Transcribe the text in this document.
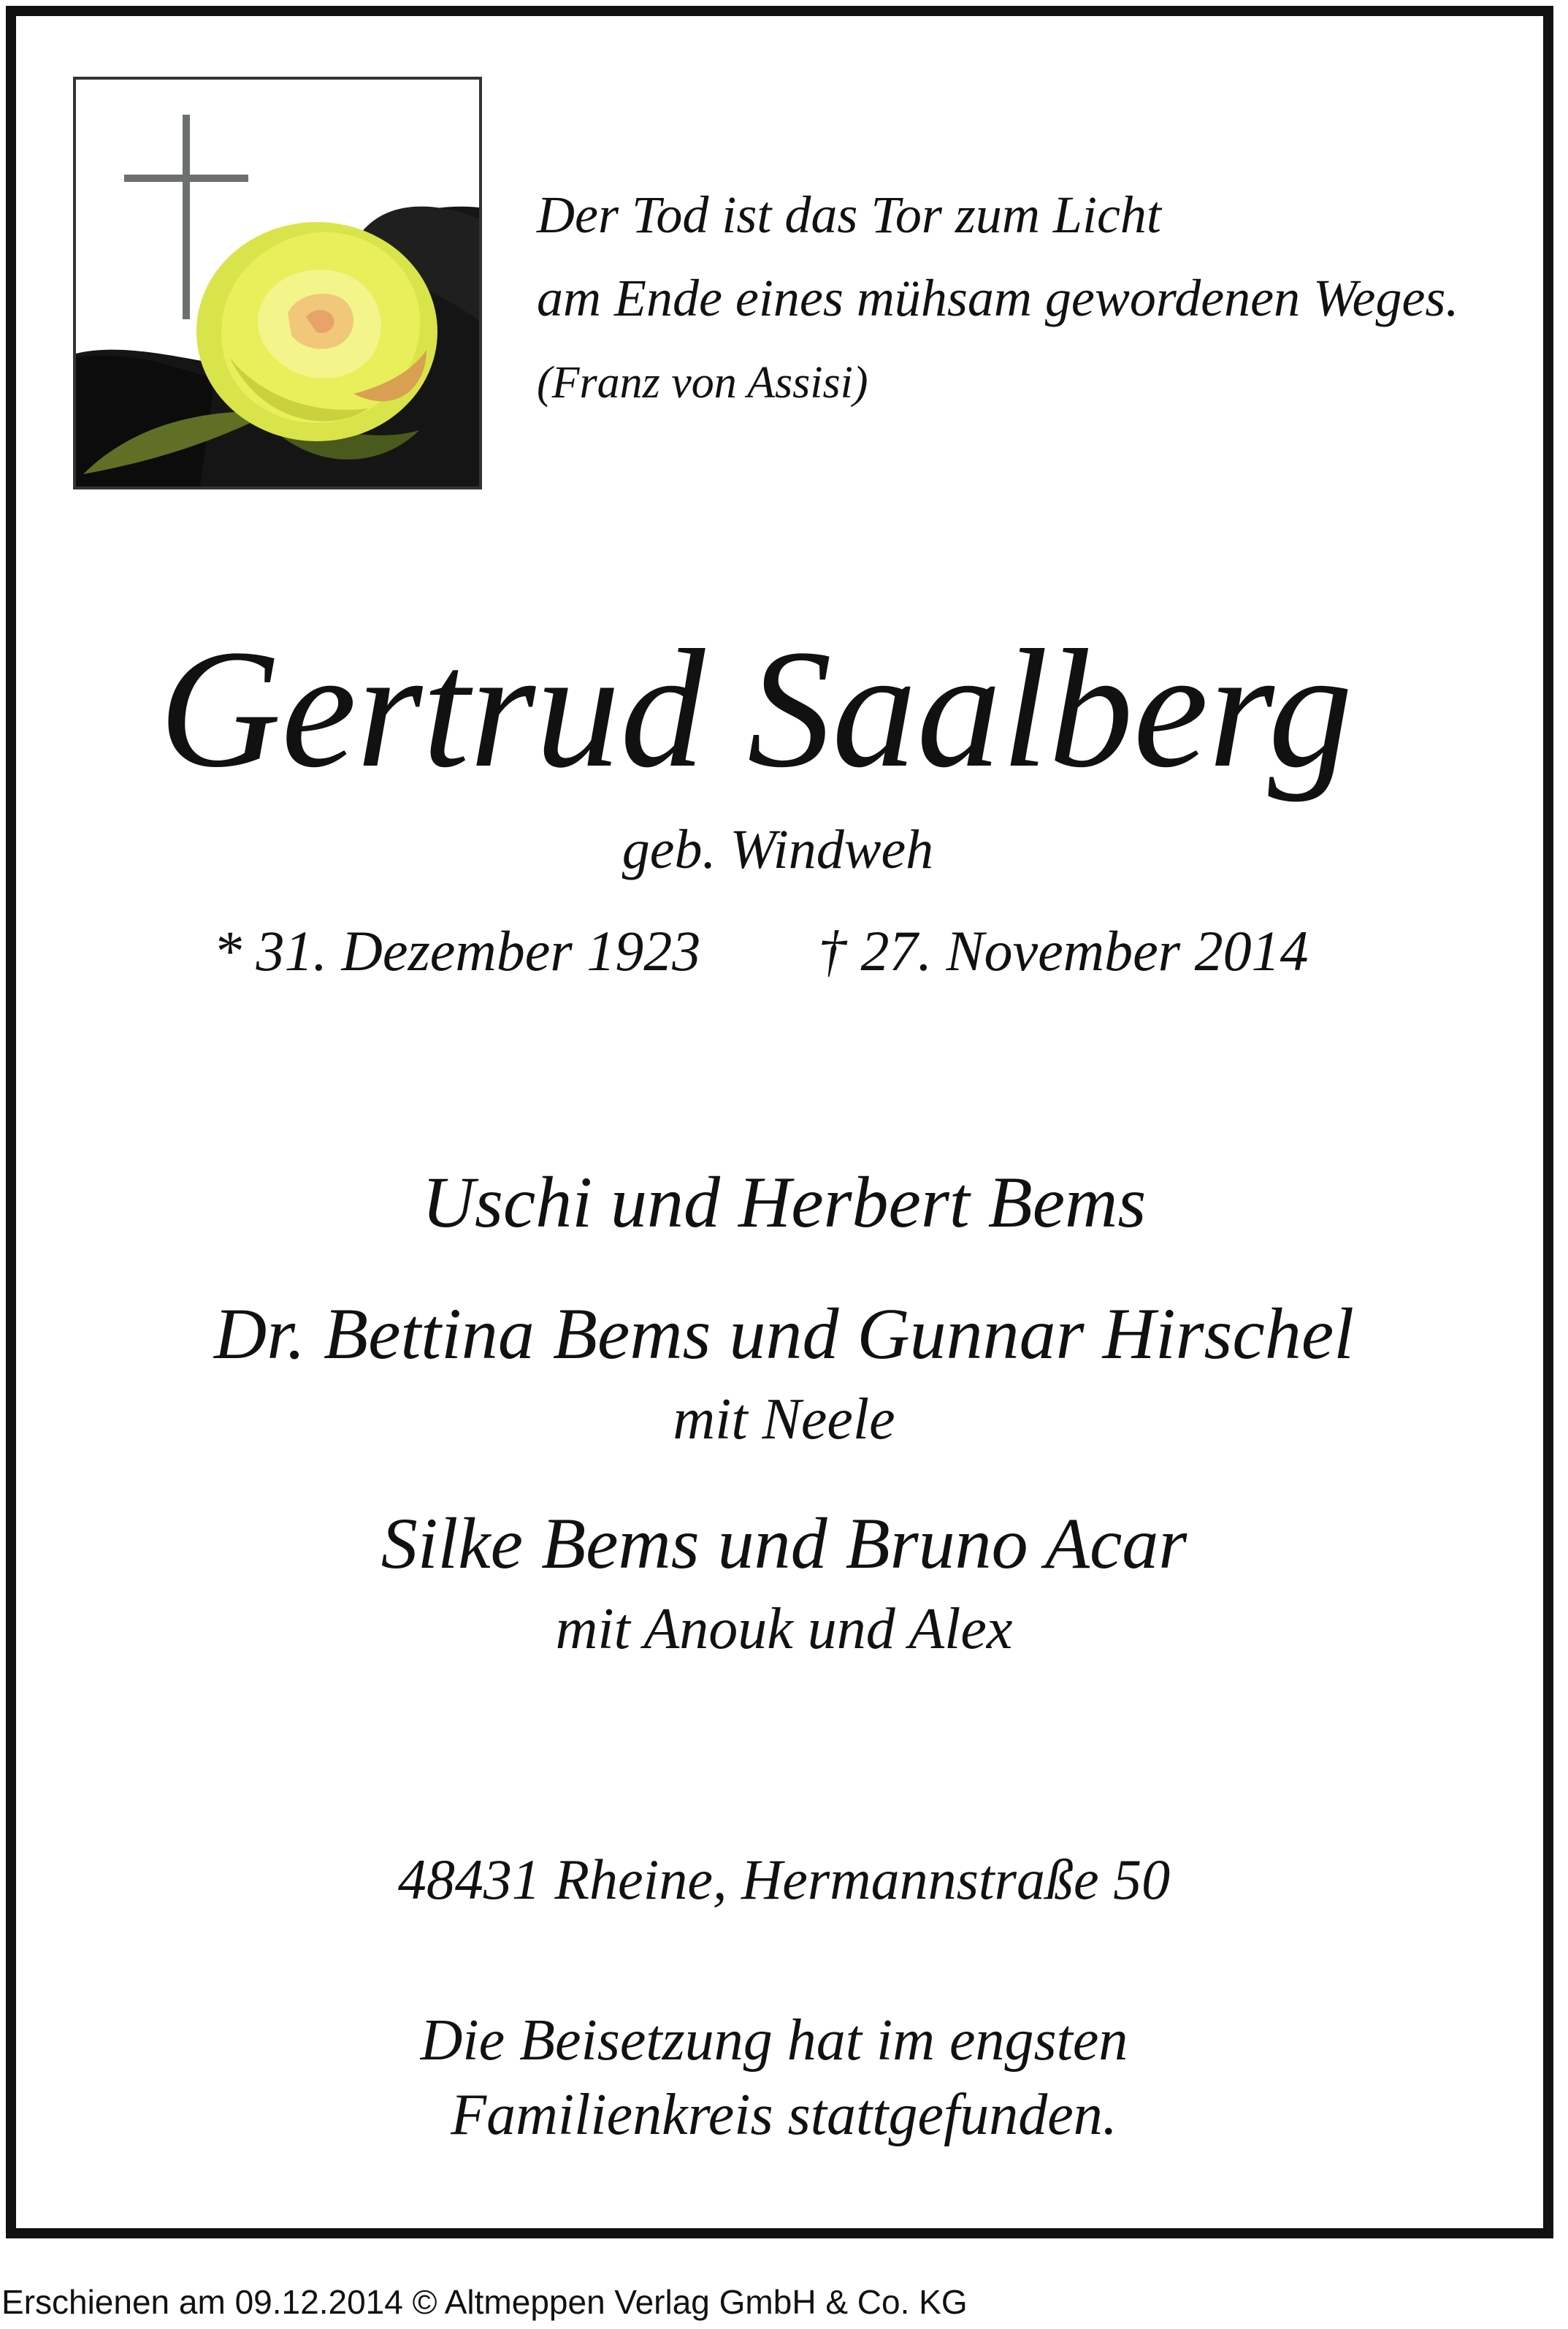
Der Tod ist das Tor zum Licht
am Ende eines mühsam gewordenen Weges.
(Franz von Assisi)
Gertrud Saalberg
geb. Windweh
* 31. Dezember 1923 † 27. November 2014
Uschi und Herbert Bems
Dr. Bettina Bems und Gunnar Hirschel
mit Neele
Silke Bems und Bruno Acar
mit Anouk und Alex
48431 Rheine, Hermannstraße 50
Die Beisetzung hat im engsten
Familienkreis stattgefunden.
Erschienen am 09.12.2014 © Altmeppen Verlag GmbH & Co. KG
